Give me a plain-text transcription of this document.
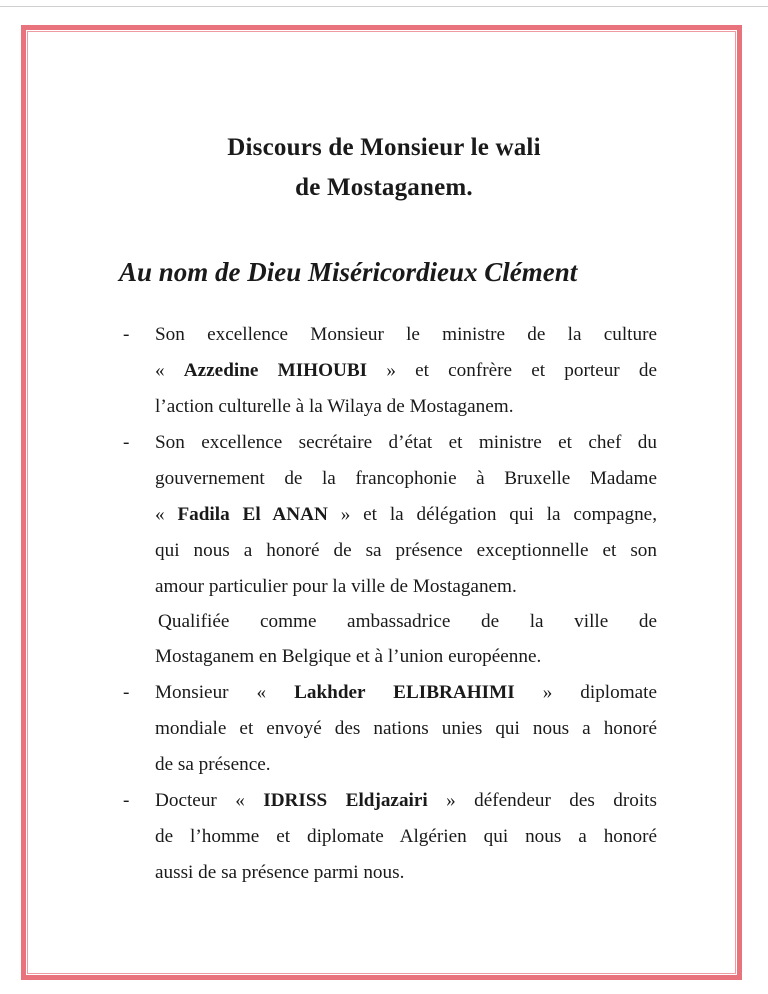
Discours de Monsieur le wali
de Mostaganem.

Au nom de Dieu Miséricordieux Clément

- Son excellence Monsieur le ministre de la culture

« Azzedine MIHOUBI » et confrère et porteur de

l’action culturelle à la Wilaya de Mostaganem.

- Son excellence secrétaire d’état et ministre et chef du

gouvernement de la francophonie à Bruxelle Madame

« Fadila El ANAN » et la délégation qui la compagne,

qui nous a honoré de sa présence exceptionnelle et son

amour particulier pour la ville de Mostaganem.

Qualifiée comme ambassadrice de la ville de

Mostaganem en Belgique et à l’union européenne.

- Monsieur « Lakhder ELIBRAHIMI » diplomate

mondiale et envoyé des nations unies qui nous a honoré

de sa présence.

- Docteur « IDRISS Eldjazairi » défendeur des droits

de l’homme et diplomate Algérien qui nous a honoré

aussi de sa présence parmi nous.
